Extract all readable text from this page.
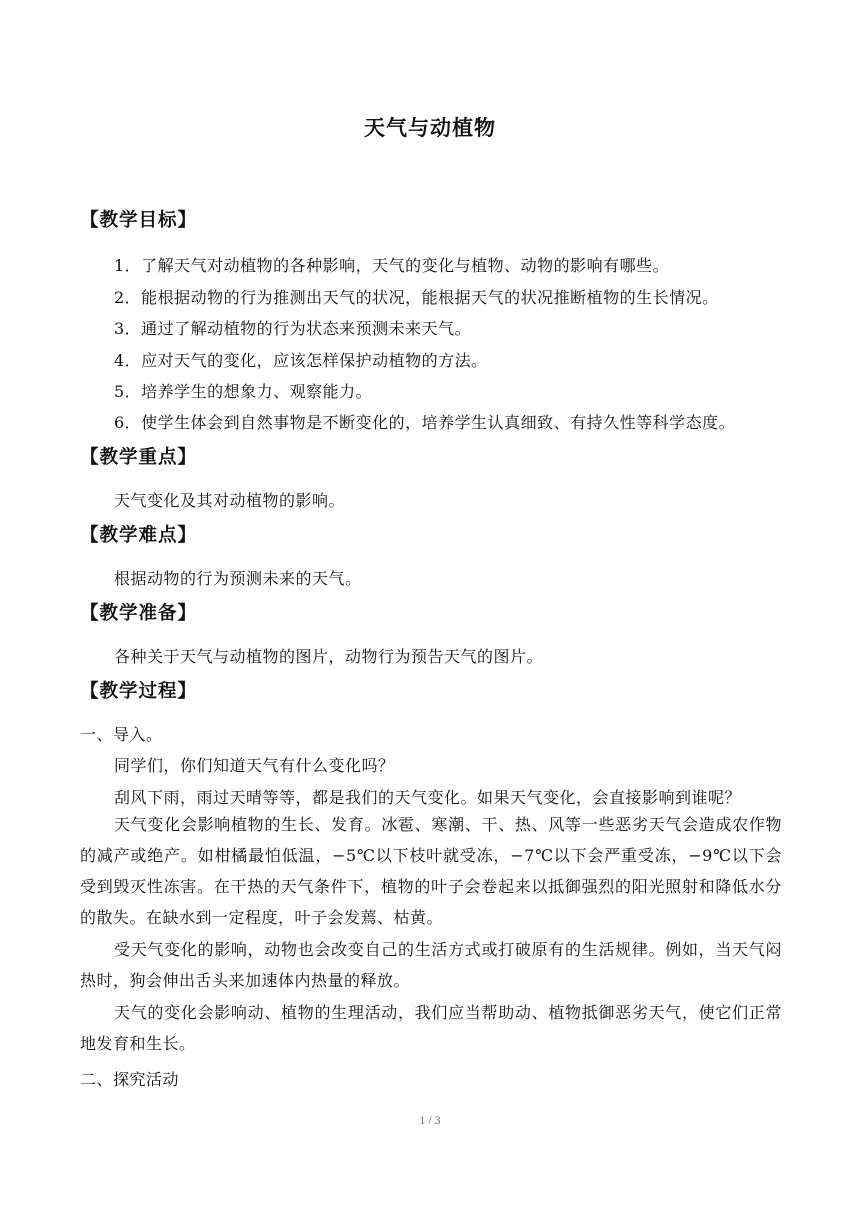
天气与动植物
【教学目标】
1．了解天气对动植物的各种影响，天气的变化与植物、动物的影响有哪些。
2．能根据动物的行为推测出天气的状况，能根据天气的状况推断植物的生长情况。
3．通过了解动植物的行为状态来预测未来天气。
4．应对天气的变化，应该怎样保护动植物的方法。
5．培养学生的想象力、观察能力。
6．使学生体会到自然事物是不断变化的，培养学生认真细致、有持久性等科学态度。
【教学重点】
天气变化及其对动植物的影响。
【教学难点】
根据动物的行为预测未来的天气。
【教学准备】
各种关于天气与动植物的图片，动物行为预告天气的图片。
【教学过程】
一、导入。
同学们，你们知道天气有什么变化吗？
刮风下雨，雨过天晴等等，都是我们的天气变化。如果天气变化，会直接影响到谁呢？
天气变化会影响植物的生长、发育。冰雹、寒潮、干、热、风等一些恶劣天气会造成农作物的减产或绝产。如柑橘最怕低温，−5℃以下枝叶就受冻，−7℃以下会严重受冻，−9℃以下会受到毁灭性冻害。在干热的天气条件下，植物的叶子会卷起来以抵御强烈的阳光照射和降低水分的散失。在缺水到一定程度，叶子会发蔫、枯黄。
受天气变化的影响，动物也会改变自己的生活方式或打破原有的生活规律。例如，当天气闷热时，狗会伸出舌头来加速体内热量的释放。
天气的变化会影响动、植物的生理活动，我们应当帮助动、植物抵御恶劣天气，使它们正常地发育和生长。
二、探究活动
1 / 3
